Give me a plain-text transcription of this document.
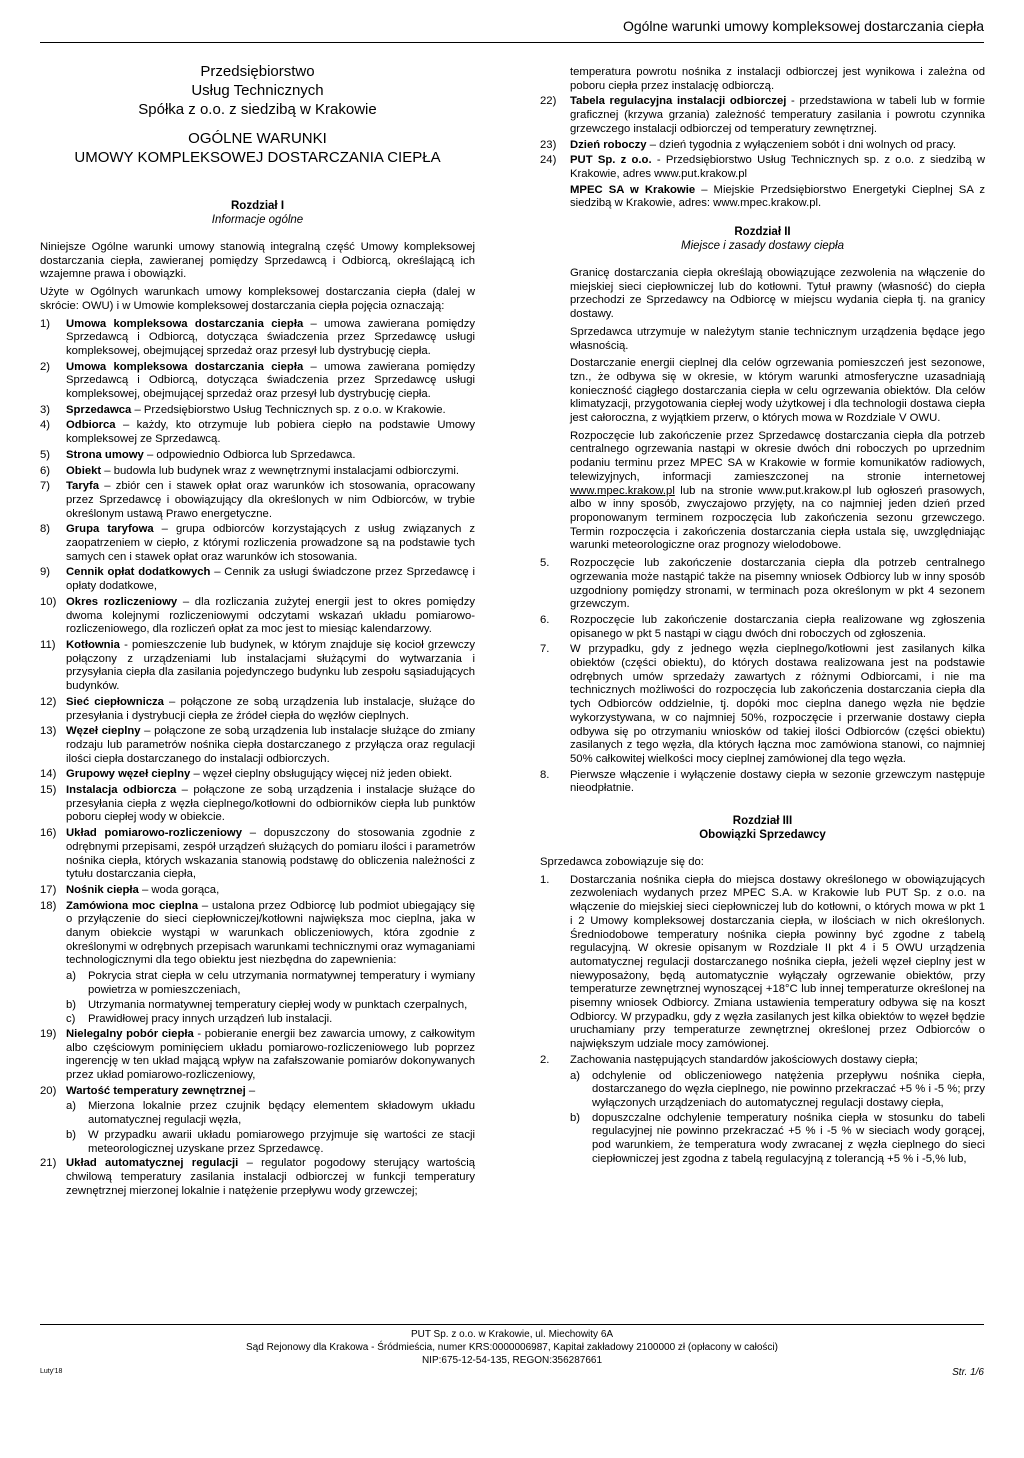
Ogólne warunki umowy kompleksowej dostarczania ciepła
Przedsiębiorstwo
Usług Technicznych
Spółka z o.o. z siedzibą w Krakowie
OGÓLNE WARUNKI
UMOWY KOMPLEKSOWEJ DOSTARCZANIA CIEPŁA
Rozdział I
Informacje ogólne

Niniejsze Ogólne warunki umowy stanowią integralną część Umowy kompleksowej dostarczania ciepła, zawieranej pomiędzy Sprzedawcą i Odbiorcą, określającą ich wzajemne prawa i obowiązki.

Użyte w Ogólnych warunkach umowy kompleksowej dostarczania ciepła (dalej w skrócie: OWU) i w Umowie kompleksowej dostarczania ciepła pojęcia oznaczają:

1)	Umowa kompleksowa dostarczania ciepła – umowa zawierana pomiędzy Sprzedawcą i Odbiorcą, dotycząca świadczenia przez Sprzedawcę usługi kompleksowej, obejmującej sprzedaż oraz przesył lub dystrybucję ciepła.
2)	Umowa kompleksowa dostarczania ciepła – umowa zawierana pomiędzy Sprzedawcą i Odbiorcą, dotycząca świadczenia przez Sprzedawcę usługi kompleksowej, obejmującej sprzedaż oraz przesył lub dystrybucję ciepła.
3)	Sprzedawca – Przedsiębiorstwo Usług Technicznych sp. z o.o. w Krakowie.
4)	Odbiorca – każdy, kto otrzymuje lub pobiera ciepło na podstawie Umowy kompleksowej ze Sprzedawcą.
5)	Strona umowy – odpowiednio Odbiorca lub Sprzedawca.
6)	Obiekt – budowla lub budynek wraz z wewnętrznymi instalacjami odbiorczymi.
7)	Taryfa – zbiór cen i stawek opłat oraz warunków ich stosowania, opracowany przez Sprzedawcę i obowiązujący dla określonych w nim Odbiorców, w trybie określonym ustawą Prawo energetyczne.
8)	Grupa taryfowa – grupa odbiorców korzystających z usług związanych z zaopatrzeniem w ciepło, z którymi rozliczenia prowadzone są na podstawie tych samych cen i stawek opłat oraz warunków ich stosowania.
9)	Cennik opłat dodatkowych – Cennik za usługi świadczone przez Sprzedawcę i opłaty dodatkowe,
10) Okres rozliczeniowy – dla rozliczania zużytej energii jest to okres pomiędzy dwoma kolejnymi rozliczeniowymi odczytami wskazań układu pomiarowo-rozliczeniowego, dla rozliczeń opłat za moc jest to miesiąc kalendarzowy.
11) Kotłownia - pomieszczenie lub budynek, w którym znajduje się kocioł grzewczy połączony z urządzeniami lub instalacjami służącymi do wytwarzania i przysyłania ciepła dla zasilania pojedynczego budynku lub zespołu sąsiadujących budynków.
12) Sieć ciepłownicza – połączone ze sobą urządzenia lub instalacje, służące do przesyłania i dystrybucji ciepła ze źródeł ciepła do węzłów cieplnych.
13) Węzeł cieplny – połączone ze sobą urządzenia lub instalacje służące do zmiany rodzaju lub parametrów nośnika ciepła dostarczanego z przyłącza oraz regulacji ilości ciepła dostarczanego do instalacji odbiorczych.
14) Grupowy węzeł cieplny – węzeł cieplny obsługujący więcej niż jeden obiekt.
15) Instalacja odbiorcza – połączone ze sobą urządzenia i instalacje służące do przesyłania ciepła z węzła cieplnego/kotłowni do odbiorników ciepła lub punktów poboru ciepłej wody w obiekcie.
16) Układ pomiarowo-rozliczeniowy – dopuszczony do stosowania zgodnie z odrębnymi przepisami, zespół urządzeń służących do pomiaru ilości i parametrów nośnika ciepła, których wskazania stanowią podstawę do obliczenia należności z tytułu dostarczania ciepła,
17) Nośnik ciepła – woda gorąca,
18) Zamówiona moc cieplna – ustalona przez Odbiorcę lub podmiot ubiegający się o przyłączenie do sieci ciepłowniczej/kotłowni największa moc cieplna, jaka w danym obiekcie wystąpi w warunkach obliczeniowych, która zgodnie z określonymi w odrębnych przepisach warunkami technicznymi oraz wymaganiami technologicznymi dla tego obiektu jest niezbędna do zapewnienia:
a)	Pokrycia strat ciepła w celu utrzymania normatywnej temperatury i wymiany powietrza w pomieszczeniach,
b)	Utrzymania normatywnej temperatury ciepłej wody w punktach czerpalnych,
c)	Prawidłowej pracy innych urządzeń lub instalacji.
19) Nielegalny pobór ciepła - pobieranie energii bez zawarcia umowy, z całkowitym albo częściowym pominięciem układu pomiarowo-rozliczeniowego lub poprzez ingerencję w ten układ mającą wpływ na zafałszowanie pomiarów dokonywanych przez układ pomiarowo-rozliczeniowy,
20) Wartość temperatury zewnętrznej –
a)	Mierzona lokalnie przez czujnik będący elementem składowym układu automatycznej regulacji węzła,
b)	W przypadku awarii układu pomiarowego przyjmuje się wartości ze stacji meteorologicznej uzyskane przez Sprzedawcę.
21) Układ automatycznej regulacji – regulator pogodowy sterujący wartością chwilową temperatury zasilania instalacji odbiorczej w funkcji temperatury zewnętrznej mierzonej lokalnie i natężenie przepływu wody grzewczej;
temperatura powrotu nośnika z instalacji odbiorczej jest wynikowa i zależna od poboru ciepła przez instalację odbiorczą.
22)	Tabela regulacyjna instalacji odbiorczej - przedstawiona w tabeli lub w formie graficznej (krzywa grzania) zależność temperatury zasilania i powrotu czynnika grzewczego instalacji odbiorczej od temperatury zewnętrznej.
23)	Dzień roboczy – dzień tygodnia z wyłączeniem sobót i dni wolnych od pracy.
24)	PUT Sp. z o.o. - Przedsiębiorstwo Usług Technicznych sp. z o.o. z siedzibą w Krakowie, adres www.put.krakow.pl
MPEC SA w Krakowie – Miejskie Przedsiębiorstwo Energetyki Cieplnej SA z siedzibą w Krakowie, adres: www.mpec.krakow.pl.
Rozdział II
Miejsce i zasady dostawy ciepła

Granicę dostarczania ciepła określają obowiązujące zezwolenia na włączenie do miejskiej sieci ciepłowniczej lub do kotłowni. Tytuł prawny (własność) do ciepła przechodzi ze Sprzedawcy na Odbiorcę w miejscu wydania ciepła tj. na granicy dostawy.

Sprzedawca utrzymuje w należytym stanie technicznym urządzenia będące jego własnością.

Dostarczanie energii cieplnej dla celów ogrzewania pomieszczeń jest sezonowe, tzn., że odbywa się w okresie, w którym warunki atmosferyczne uzasadniają konieczność ciągłego dostarczania ciepła w celu ogrzewania obiektów. Dla celów klimatyzacji, przygotowania ciepłej wody użytkowej i dla technologii dostawa ciepła jest całoroczna, z wyjątkiem przerw, o których mowa w Rozdziale V OWU.

Rozpoczęcie lub zakończenie przez Sprzedawcę dostarczania ciepła dla potrzeb centralnego ogrzewania nastąpi w okresie dwóch dni roboczych po uprzednim podaniu terminu przez MPEC SA w Krakowie w formie komunikatów radiowych, telewizyjnych, informacji zamieszczonej na stronie internetowej www.mpec.krakow.pl lub na stronie www.put.krakow.pl lub ogłoszeń prasowych, albo w inny sposób, zwyczajowo przyjęty, na co najmniej jeden dzień przed proponowanym terminem rozpoczęcia lub zakończenia sezonu grzewczego. Termin rozpoczęcia i zakończenia dostarczania ciepła ustala się, uwzględniając warunki meteorologiczne oraz prognozy wielodobowe.

5.	Rozpoczęcie lub zakończenie dostarczania ciepła dla potrzeb centralnego ogrzewania może nastąpić także na pisemny wniosek Odbiorcy lub w inny sposób uzgodniony pomiędzy stronami, w terminach poza określonym w pkt 4 sezonem grzewczym.
6.	Rozpoczęcie lub zakończenie dostarczania ciepła realizowane wg zgłoszenia opisanego w pkt 5 nastąpi w ciągu dwóch dni roboczych od zgłoszenia.
7.	W przypadku, gdy z jednego węzła cieplnego/kotłowni jest zasilanych kilka obiektów (części obiektu), do których dostawa realizowana jest na podstawie odrębnych umów sprzedaży zawartych z różnymi Odbiorcami, i nie ma technicznych możliwości do rozpoczęcia lub zakończenia dostarczania ciepła dla tych Odbiorców oddzielnie, tj. dopóki moc cieplna danego węzła nie będzie wykorzystywana, w co najmniej 50%, rozpoczęcie i przerwanie dostawy ciepła odbywa się po otrzymaniu wniosków od takiej ilości Odbiorców (części obiektu) zasilanych z tego węzła, dla których łączna moc zamówiona stanowi, co najmniej 50% całkowitej wielkości mocy cieplnej zamówionej dla tego węzła.
8.	Pierwsze włączenie i wyłączenie dostawy ciepła w sezonie grzewczym następuje nieodpłatnie.
Rozdział III
Obowiązki Sprzedawcy

Sprzedawca zobowiązuje się do:

1.	Dostarczania nośnika ciepła do miejsca dostawy określonego w obowiązujących zezwoleniach wydanych przez MPEC S.A. w Krakowie lub PUT Sp. z o.o. na włączenie do miejskiej sieci ciepłowniczej lub do kotłowni, o których mowa w pkt 1 i 2 Umowy kompleksowej dostarczania ciepła, w ilościach w nich określonych. Średniodobowe temperatury nośnika ciepła powinny być zgodne z tabelą regulacyjną. W okresie opisanym w Rozdziale II pkt 4 i 5 OWU urządzenia automatycznej regulacji dostarczanego nośnika ciepła, jeżeli węzeł cieplny jest w niewyposażony, będą automatycznie wyłączały ogrzewanie obiektów, przy temperaturze zewnętrznej wynoszącej +18°C lub innej temperaturze określonej na pisemny wniosek Odbiorcy. Zmiana ustawienia temperatury odbywa się na koszt Odbiorcy. W przypadku, gdy z węzła zasilanych jest kilka obiektów to węzeł będzie uruchamiany przy temperaturze zewnętrznej określonej przez Odbiorców o największym udziale mocy zamówionej.
2.	Zachowania następujących standardów jakościowych dostawy ciepła;
a)	odchylenie od obliczeniowego natężenia przepływu nośnika ciepła, dostarczanego do węzła cieplnego, nie powinno przekraczać +5 % i -5 %; przy wyłączonych urządzeniach do automatycznej regulacji dostawy ciepła,
b)	dopuszczalne odchylenie temperatury nośnika ciepła w stosunku do tabeli regulacyjnej nie powinno przekraczać +5 % i -5 % w sieciach wody gorącej, pod warunkiem, że temperatura wody zwracanej z węzła cieplnego do sieci ciepłowniczej jest zgodna z tabelą regulacyjną z tolerancją +5 % i -5,% lub,
PUT Sp. z o.o. w Krakowie, ul. Miechowity 6A
Sąd Rejonowy dla Krakowa - Śródmieścia, numer KRS:0000006987, Kapitał zakładowy 2100000 zł (opłacony w całości)
NIP:675-12-54-135, REGON:356287661
Luty'18	Str. 1/6
